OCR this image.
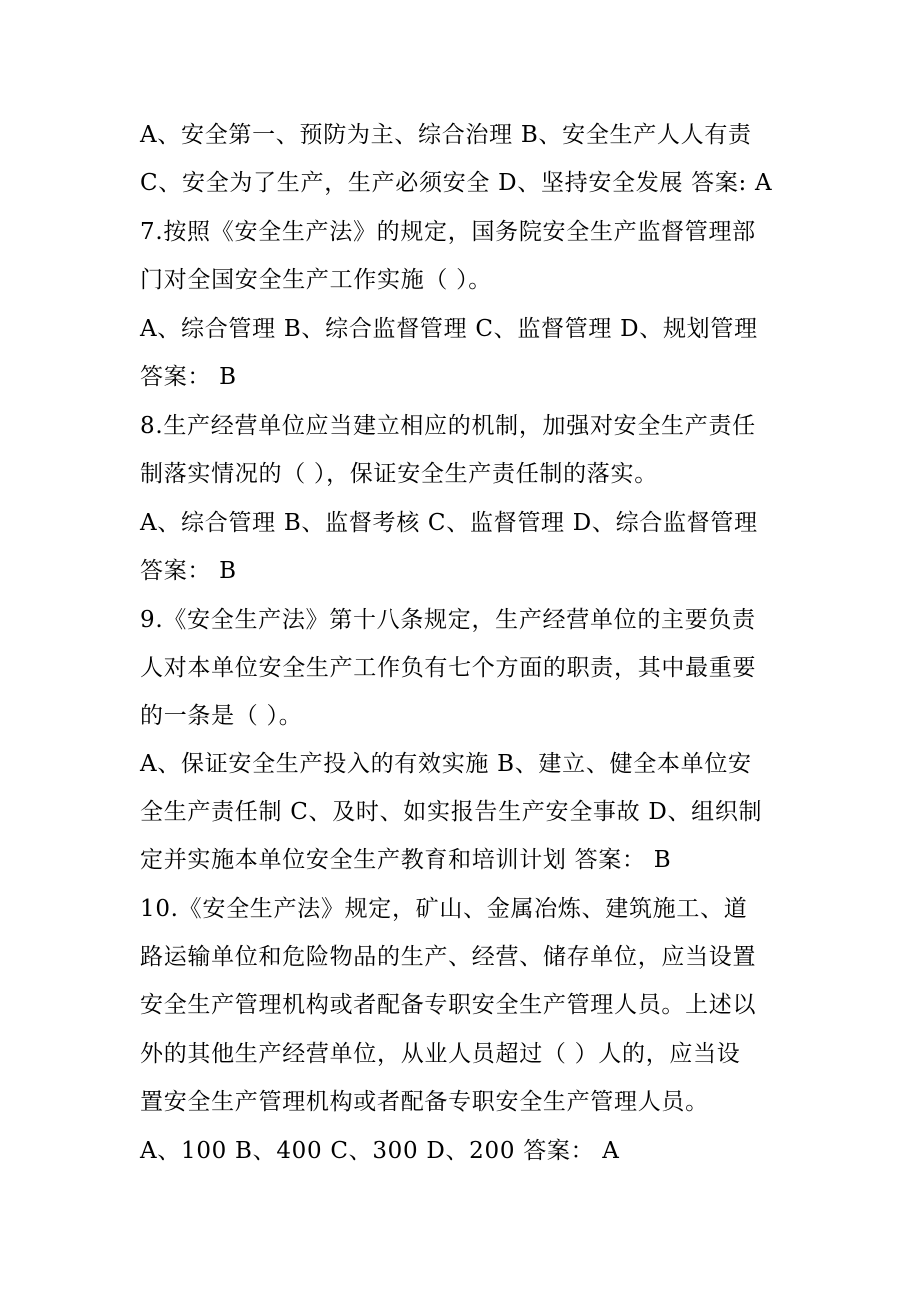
A、安全第一、预防为主、综合治理 B、安全生产人人有责
C、安全为了生产，生产必须安全 D、坚持安全发展 答案: A
7.按照《安全生产法》的规定，国务院安全生产监督管理部
门对全国安全生产工作实施（ ）。
A、综合管理 B、综合监督管理 C、监督管理 D、规划管理
答案： B
8.生产经营单位应当建立相应的机制，加强对安全生产责任
制落实情况的（ ），保证安全生产责任制的落实。
A、综合管理 B、监督考核 C、监督管理 D、综合监督管理
答案： B
9.《安全生产法》第十八条规定，生产经营单位的主要负责
人对本单位安全生产工作负有七个方面的职责，其中最重要
的一条是（ ）。
A、保证安全生产投入的有效实施 B、建立、健全本单位安
全生产责任制 C、及时、如实报告生产安全事故 D、组织制
定并实施本单位安全生产教育和培训计划 答案： B
10.《安全生产法》规定，矿山、金属冶炼、建筑施工、道
路运输单位和危险物品的生产、经营、储存单位，应当设置
安全生产管理机构或者配备专职安全生产管理人员。上述以
外的其他生产经营单位，从业人员超过（ ）人的，应当设
置安全生产管理机构或者配备专职安全生产管理人员。
A、100 B、400 C、300 D、200 答案： A
